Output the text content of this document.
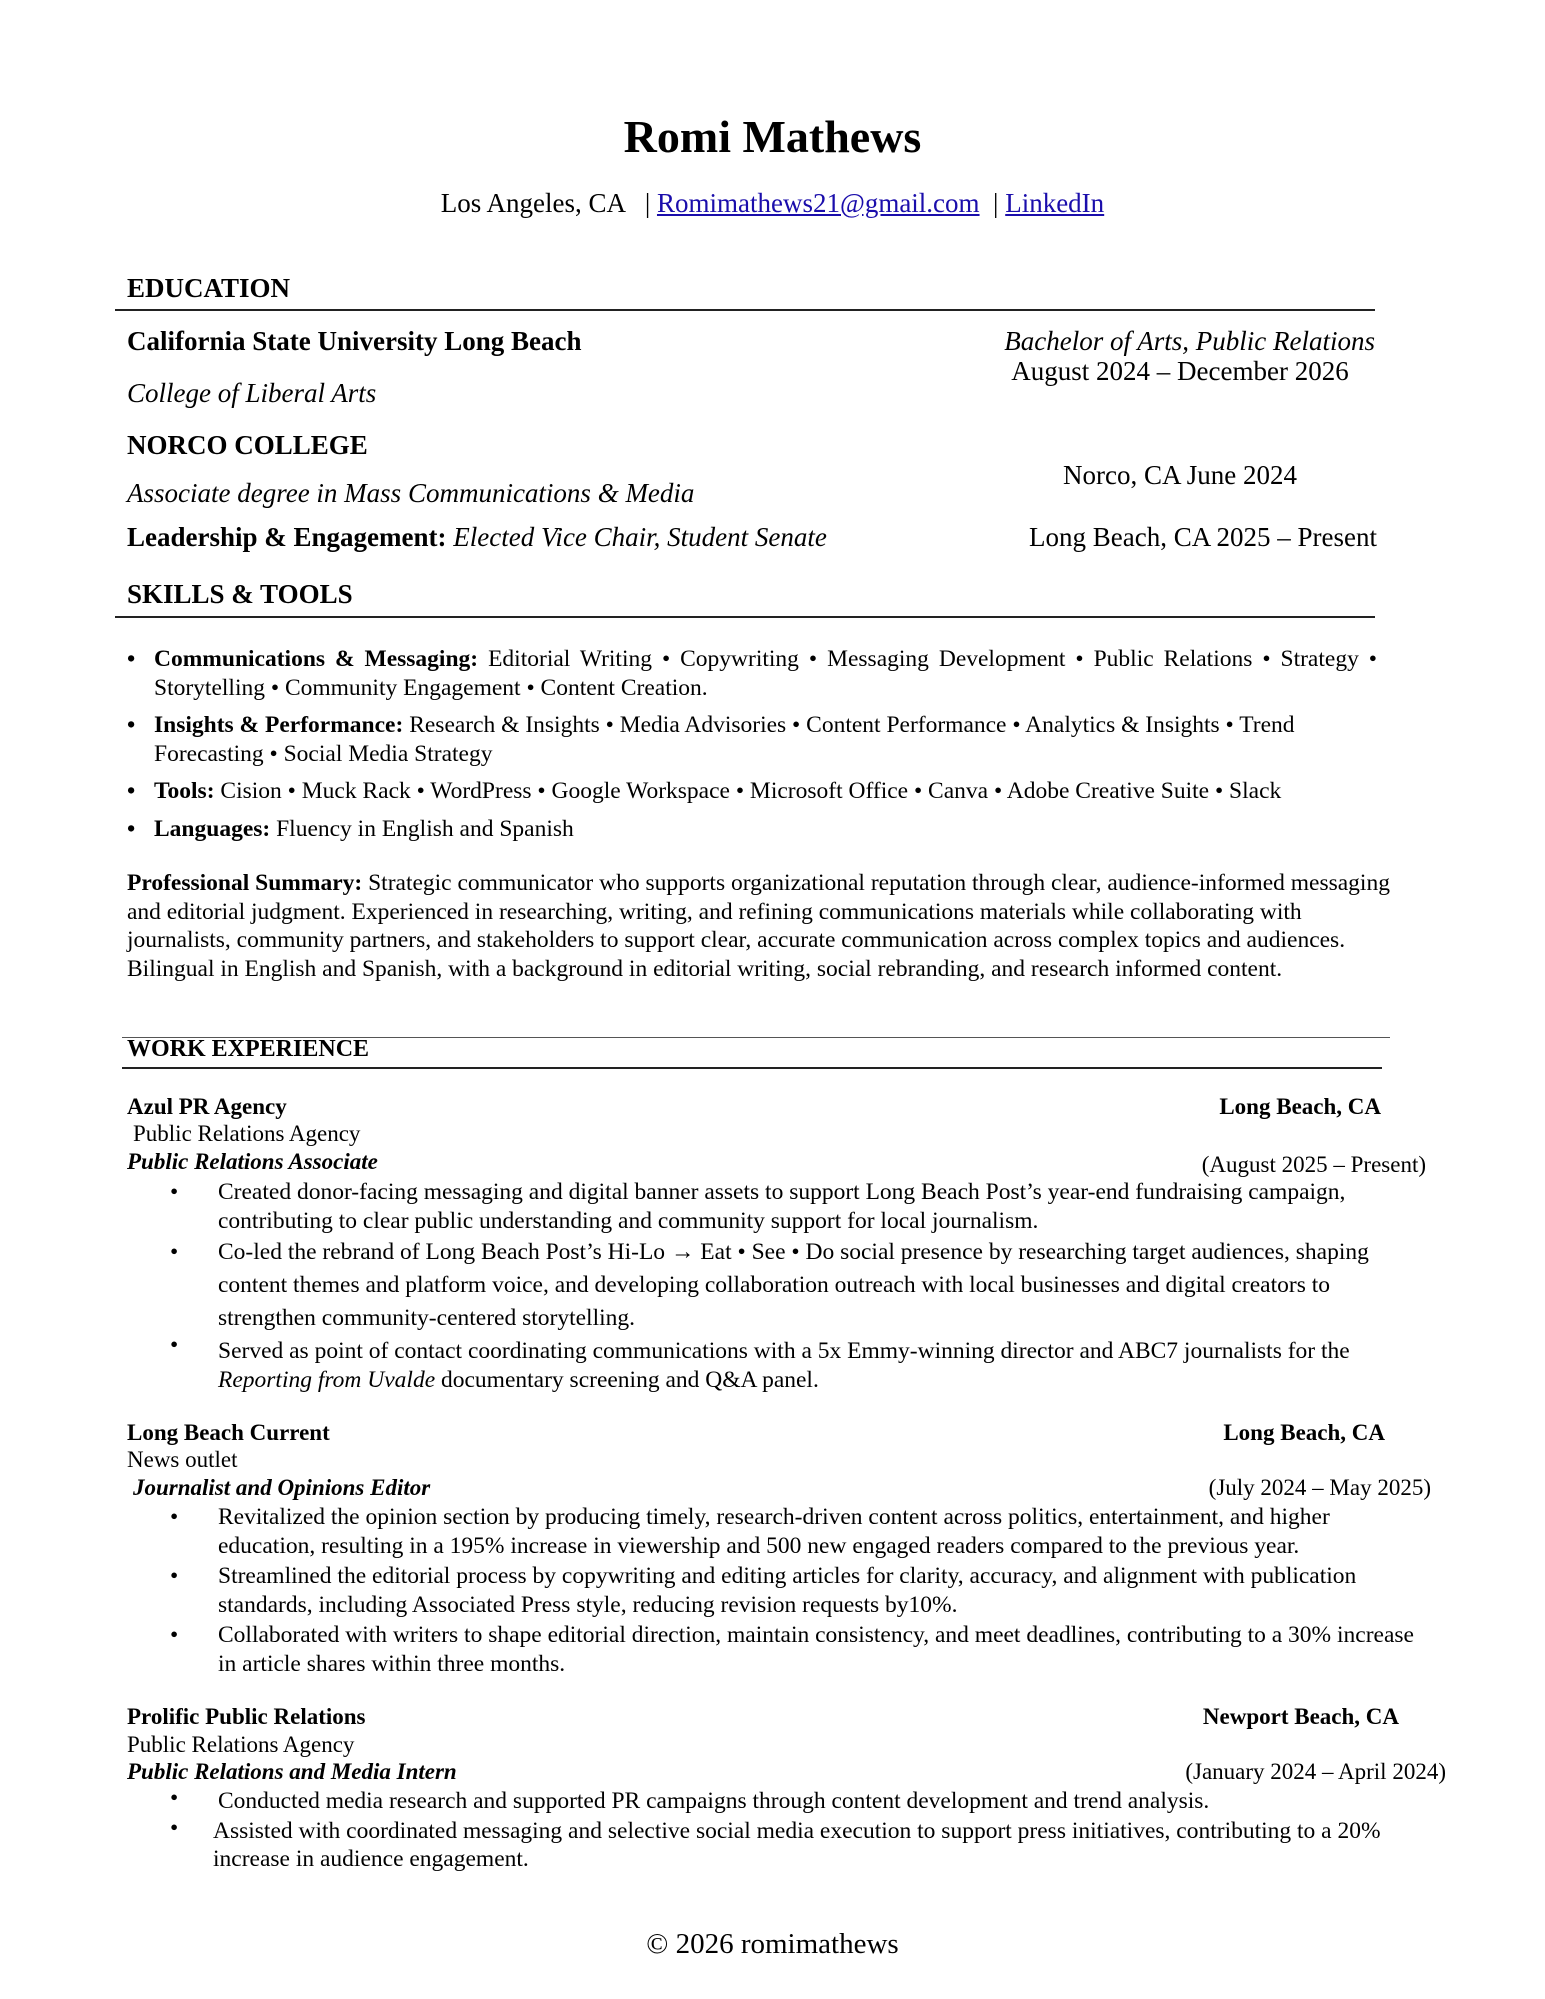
Romi Mathews
Los Angeles, CA | Romimathews21@gmail.com | LinkedIn
EDUCATION
California State University Long Beach	Bachelor of Arts, Public Relations
August 2024 – December 2026
College of Liberal Arts
NORCO COLLEGE
Norco, CA June 2024
Associate degree in Mass Communications & Media
Leadership & Engagement: Elected Vice Chair, Student Senate	Long Beach, CA 2025 – Present
SKILLS & TOOLS
• Communications & Messaging: Editorial Writing • Copywriting • Messaging Development • Public Relations • Strategy • Storytelling • Community Engagement • Content Creation.
• Insights & Performance: Research & Insights • Media Advisories • Content Performance • Analytics & Insights • Trend Forecasting • Social Media Strategy
• Tools: Cision • Muck Rack • WordPress • Google Workspace • Microsoft Office • Canva • Adobe Creative Suite • Slack
• Languages: Fluency in English and Spanish
Professional Summary: Strategic communicator who supports organizational reputation through clear, audience-informed messaging and editorial judgment. Experienced in researching, writing, and refining communications materials while collaborating with journalists, community partners, and stakeholders to support clear, accurate communication across complex topics and audiences. Bilingual in English and Spanish, with a background in editorial writing, social rebranding, and research informed content.
WORK EXPERIENCE
Azul PR Agency	Long Beach, CA
Public Relations Agency
Public Relations Associate	(August 2025 – Present)
• Created donor-facing messaging and digital banner assets to support Long Beach Post’s year-end fundraising campaign, contributing to clear public understanding and community support for local journalism.
• Co-led the rebrand of Long Beach Post’s Hi-Lo → Eat • See • Do social presence by researching target audiences, shaping content themes and platform voice, and developing collaboration outreach with local businesses and digital creators to strengthen community-centered storytelling.
• Served as point of contact coordinating communications with a 5x Emmy-winning director and ABC7 journalists for the Reporting from Uvalde documentary screening and Q&A panel.
Long Beach Current	Long Beach, CA
News outlet
Journalist and Opinions Editor	(July 2024 – May 2025)
• Revitalized the opinion section by producing timely, research-driven content across politics, entertainment, and higher education, resulting in a 195% increase in viewership and 500 new engaged readers compared to the previous year.
• Streamlined the editorial process by copywriting and editing articles for clarity, accuracy, and alignment with publication standards, including Associated Press style, reducing revision requests by10%.
• Collaborated with writers to shape editorial direction, maintain consistency, and meet deadlines, contributing to a 30% increase in article shares within three months.
Prolific Public Relations	Newport Beach, CA
Public Relations Agency
Public Relations and Media Intern	(January 2024 – April 2024)
• Conducted media research and supported PR campaigns through content development and trend analysis.
• Assisted with coordinated messaging and selective social media execution to support press initiatives, contributing to a 20% increase in audience engagement.
© 2026 romimathews
